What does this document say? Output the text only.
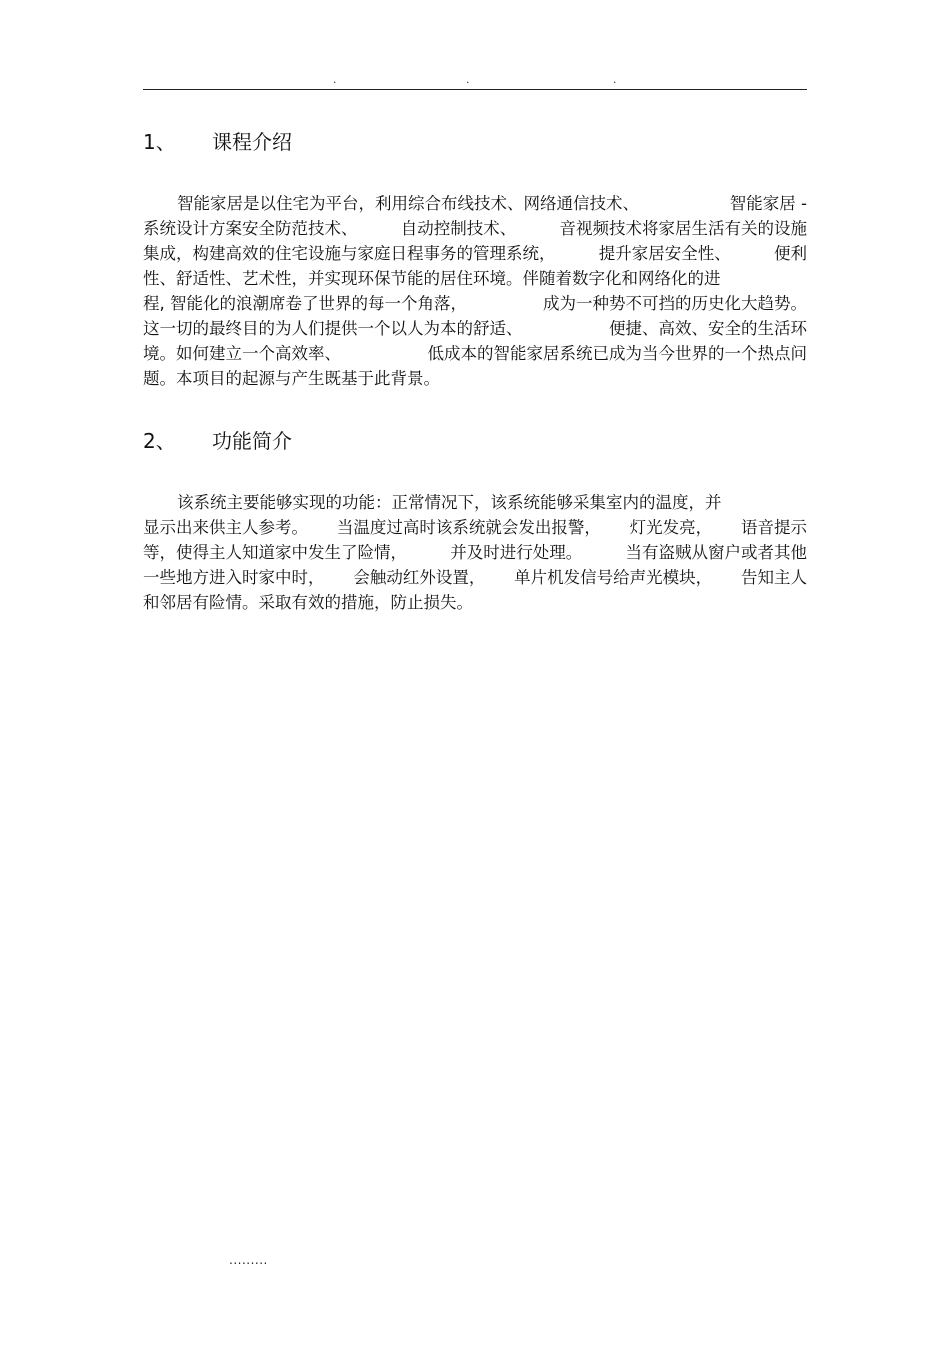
.	.	.
1、 课程介绍
智能家居是以住宅为平台，利用综合布线技术、网络通信技术、	智能家居 -
系统设计方案安全防范技术、	自动控制技术、	音视频技术将家居生活有关的设施
集成，构建高效的住宅设施与家庭日程事务的管理系统，	提升家居安全性、	便利
性、舒适性、艺术性，并实现环保节能的居住环境。伴随着数字化和网络化的进
程, 智能化的浪潮席卷了世界的每一个角落，	成为一种势不可挡的历史化大趋势。
这一切的最终目的为人们提供一个以人为本的舒适、	便捷、高效、安全的生活环
境。如何建立一个高效率、	低成本的智能家居系统已成为当今世界的一个热点问
题。本项目的起源与产生既基于此背景。
2、 功能简介
该系统主要能够实现的功能：正常情况下，该系统能够采集室内的温度，并
显示出来供主人参考。 当温度过高时该系统就会发出报警， 灯光发亮， 语音提示
等，使得主人知道家中发生了险情，	并及时进行处理。	当有盗贼从窗户或者其他
一些地方进入时家中时， 会触动红外设置， 单片机发信号给声光模块， 告知主人
和邻居有险情。采取有效的措施，防止损失。
.........
